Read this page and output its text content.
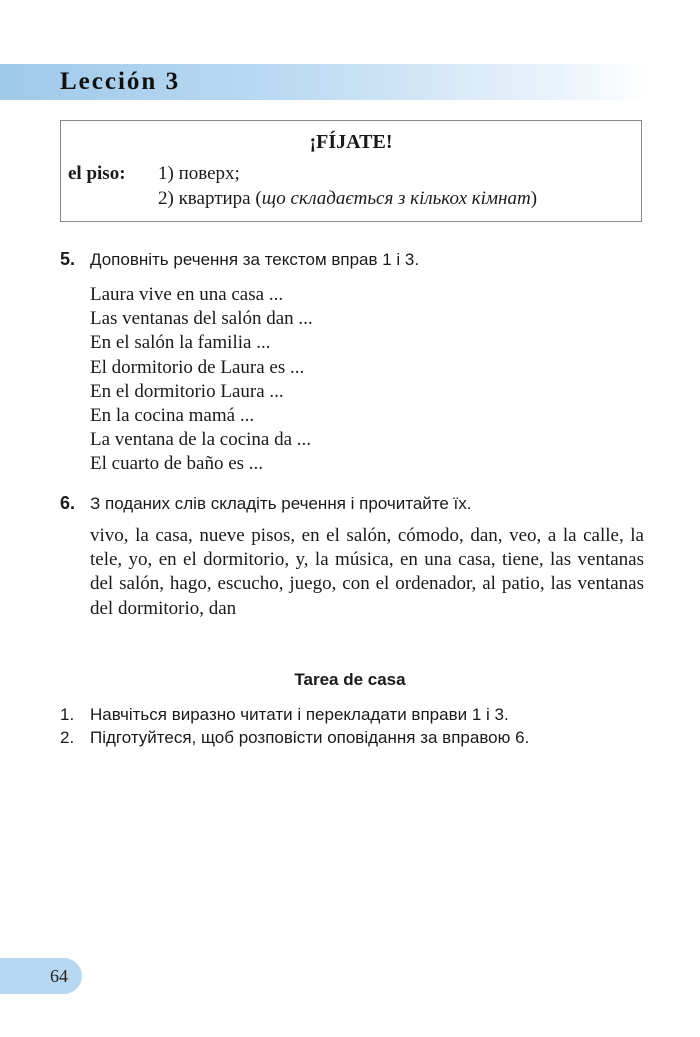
Lección 3
¡FÍJATE!
el piso: 1) поверх;
2) квартира (що складається з кількох кімнат)
5. Доповніть речення за текстом вправ 1 і 3.
Laura vive en una casa ...
Las ventanas del salón dan ...
En el salón la familia ...
El dormitorio de Laura es ...
En el dormitorio Laura ...
En la cocina mamá ...
La ventana de la cocina da ...
El cuarto de baño es ...
6. З поданих слів складіть речення і прочитайте їх.

vivo, la casa, nueve pisos, en el salón, cómodo, dan, veo, a la calle, la tele, yo, en el dormitorio, y, la música, en una casa, tiene, las ventanas del salón, hago, escucho, juego, con el ordenador, al patio, las ventanas del dormitorio, dan

Tarea de casa
1. Навчіться виразно читати і перекладати вправи 1 і 3.
2. Підготуйтеся, щоб розповісти оповідання за вправою 6.
64
